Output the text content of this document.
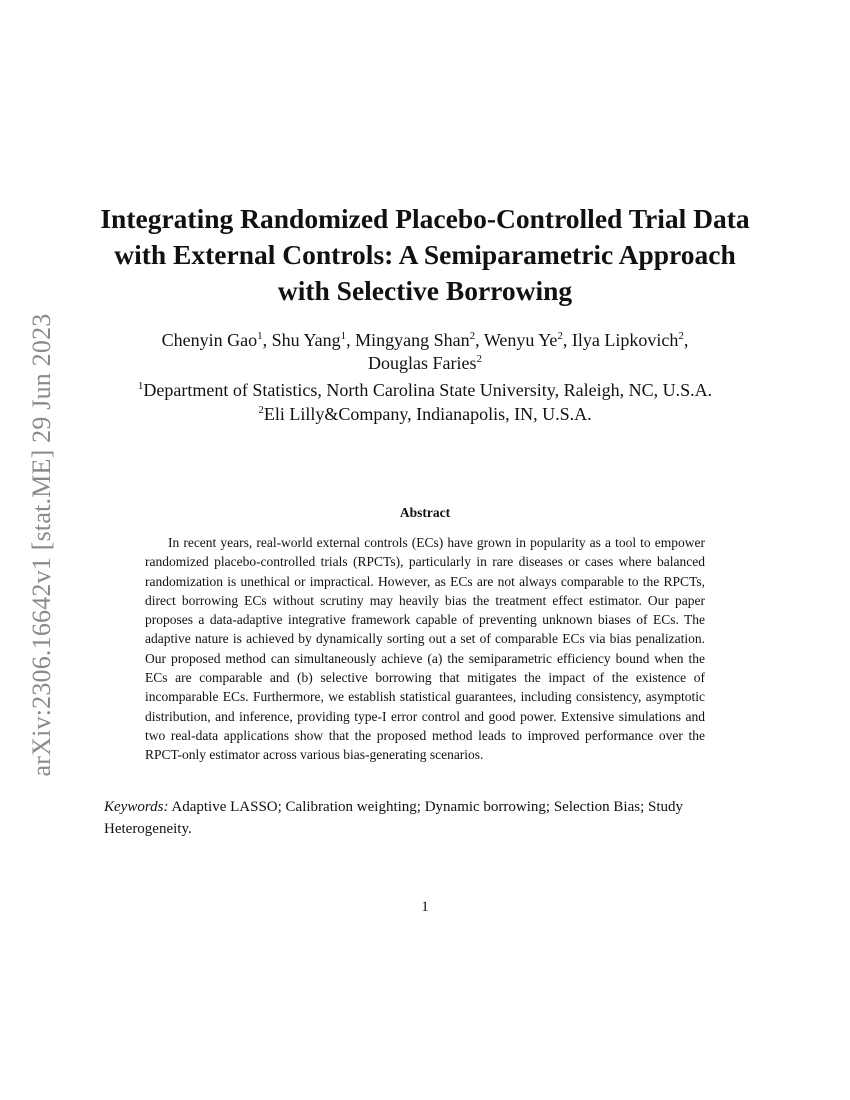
arXiv:2306.16642v1 [stat.ME] 29 Jun 2023
Integrating Randomized Placebo-Controlled Trial Data with External Controls: A Semiparametric Approach with Selective Borrowing
Chenyin Gao$^1$, Shu Yang$^1$, Mingyang Shan$^2$, Wenyu Ye$^2$, Ilya Lipkovich$^2$,
Douglas Faries$^2$
$^1$Department of Statistics, North Carolina State University, Raleigh, NC, U.S.A.
$^2$Eli Lilly&Company, Indianapolis, IN, U.S.A.
Abstract

In recent years, real-world external controls (ECs) have grown in popularity as a tool to empower randomized placebo-controlled trials (RPCTs), particularly in rare diseases or cases where balanced randomization is unethical or impractical. However, as ECs are not always comparable to the RPCTs, direct borrowing ECs without scrutiny may heavily bias the treatment effect estimator. Our paper proposes a data-adaptive integrative framework capable of preventing unknown biases of ECs. The adaptive nature is achieved by dynamically sorting out a set of comparable ECs via bias penalization. Our proposed method can simultaneously achieve (a) the semiparametric efficiency bound when the ECs are comparable and (b) selective borrowing that mitigates the impact of the existence of incomparable ECs. Furthermore, we establish statistical guarantees, including consistency, asymptotic distribution, and inference, providing type-I error control and good power. Extensive simulations and two real-data applications show that the proposed method leads to improved performance over the RPCT-only estimator across various bias-generating scenarios.

Keywords: Adaptive LASSO; Calibration weighting; Dynamic borrowing; Selection Bias; Study Heterogeneity.

1
